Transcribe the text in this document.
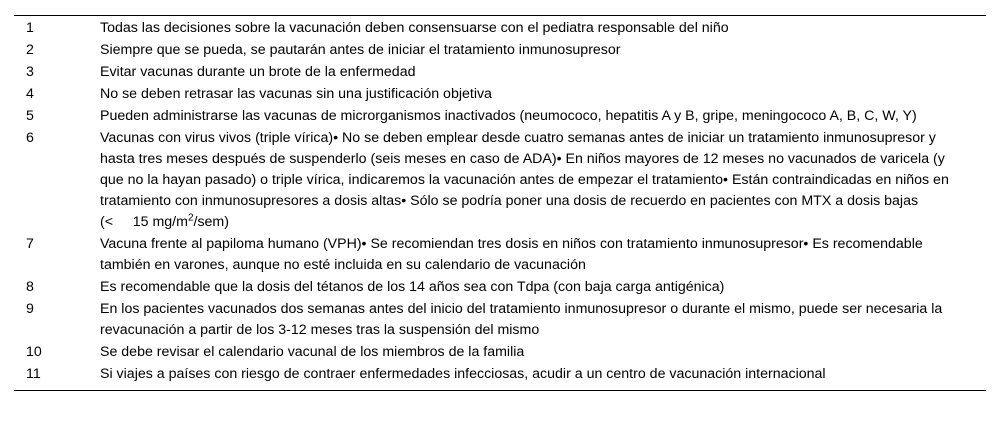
1	Todas las decisiones sobre la vacunación deben consensuarse con el pediatra responsable del niño
2	Siempre que se pueda, se pautarán antes de iniciar el tratamiento inmunosupresor
3	Evitar vacunas durante un brote de la enfermedad
4	No se deben retrasar las vacunas sin una justificación objetiva
5	Pueden administrarse las vacunas de microrganismos inactivados (neumococo, hepatitis A y B, gripe, meningococo A, B, C, W, Y)
6	Vacunas con virus vivos (triple vírica)• No se deben emplear desde cuatro semanas antes de iniciar un tratamiento inmunosupresor y hasta tres meses después de suspenderlo (seis meses en caso de ADA)• En niños mayores de 12 meses no vacunados de varicela (y que no la hayan pasado) o triple vírica, indicaremos la vacunación antes de empezar el tratamiento• Están contraindicadas en niños en tratamiento con inmunosupresores a dosis altas• Sólo se podría poner una dosis de recuerdo en pacientes con MTX a dosis bajas (< 15 $mg/m^2/sem$)
7	Vacuna frente al papiloma humano (VPH)• Se recomiendan tres dosis en niños con tratamiento inmunosupresor• Es recomendable también en varones, aunque no esté incluida en su calendario de vacunación
8	Es recomendable que la dosis del tétanos de los 14 años sea con Tdpa (con baja carga antigénica)
9	En los pacientes vacunados dos semanas antes del inicio del tratamiento inmunosupresor o durante el mismo, puede ser necesaria la revacunación a partir de los 3-12 meses tras la suspensión del mismo
10	Se debe revisar el calendario vacunal de los miembros de la familia
11	Si viajes a países con riesgo de contraer enfermedades infecciosas, acudir a un centro de vacunación internacional
